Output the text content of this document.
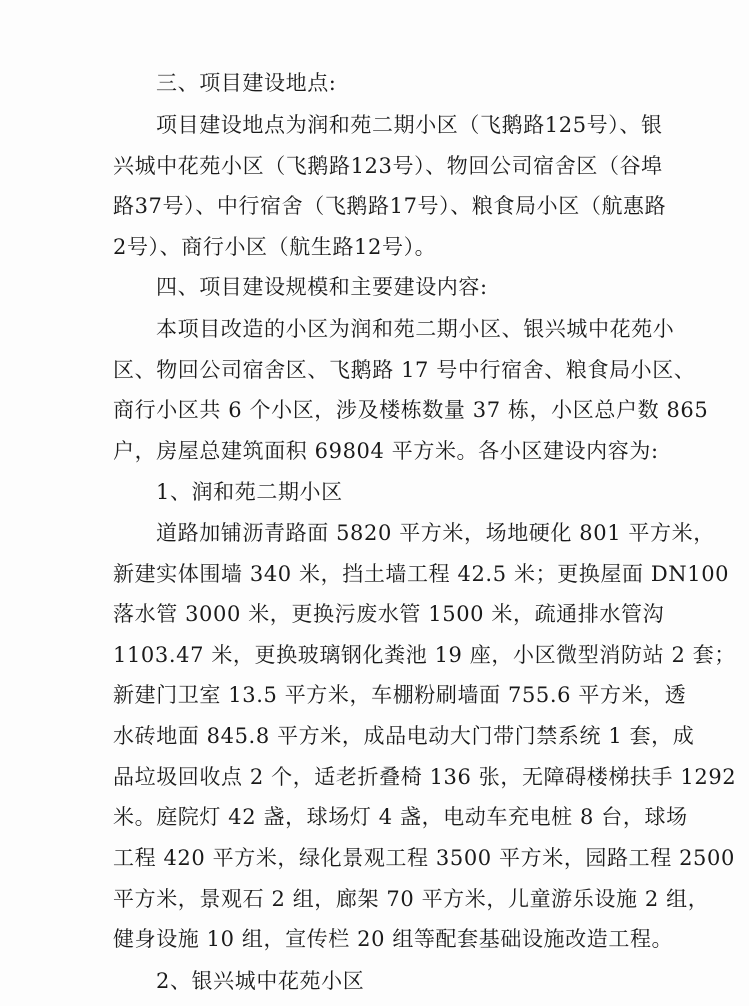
三、项目建设地点:
项目建设地点为润和苑二期小区（飞鹅路125号）、银
兴城中花苑小区（飞鹅路123号）、物回公司宿舍区（谷埠
路37号）、中行宿舍（飞鹅路17号）、粮食局小区（航惠路
2号）、商行小区（航生路12号）。
四、项目建设规模和主要建设内容:
本项目改造的小区为润和苑二期小区、银兴城中花苑小
区、物回公司宿舍区、飞鹅路 17 号中行宿舍、粮食局小区、
商行小区共 6 个小区，涉及楼栋数量 37 栋，小区总户数 865
户，房屋总建筑面积 69804 平方米。各小区建设内容为:
1、润和苑二期小区
道路加铺沥青路面 5820 平方米，场地硬化 801 平方米，
新建实体围墙 340 米，挡土墙工程 42.5 米；更换屋面 DN100
落水管 3000 米，更换污废水管 1500 米，疏通排水管沟
1103.47 米，更换玻璃钢化粪池 19 座，小区微型消防站 2 套；
新建门卫室 13.5 平方米，车棚粉刷墙面 755.6 平方米，透
水砖地面 845.8 平方米，成品电动大门带门禁系统 1 套，成
品垃圾回收点 2 个，适老折叠椅 136 张，无障碍楼梯扶手 1292
米。庭院灯 42 盏，球场灯 4 盏，电动车充电桩 8 台，球场
工程 420 平方米，绿化景观工程 3500 平方米，园路工程 2500
平方米，景观石 2 组，廊架 70 平方米，儿童游乐设施 2 组，
健身设施 10 组，宣传栏 20 组等配套基础设施改造工程。
2、银兴城中花苑小区
